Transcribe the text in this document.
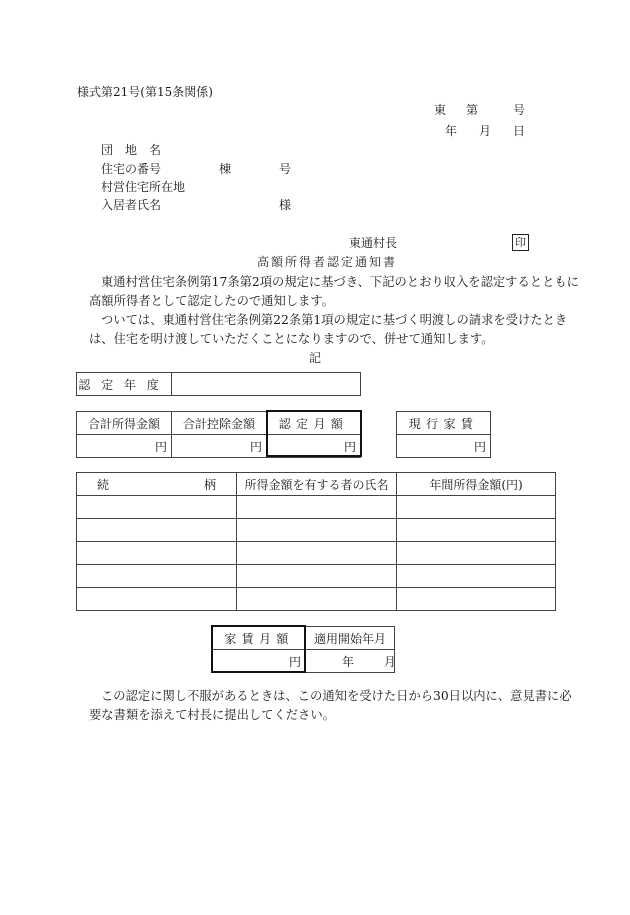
様式第21号(第15条関係)
東 第	号
年 月 日
団　地　名
住宅の番号	棟	号
村営住宅所在地
入居者氏名	様
東通村長	印
高額所得者認定通知書
東通村営住宅条例第17条第2項の規定に基づき、下記のとおり収入を認定するとともに
高額所得者として認定したので通知します。
ついては、東通村営住宅条例第22条第1項の規定に基づく明渡しの請求を受けたとき
は、住宅を明け渡していただくことになりますので、併せて通知します。
記
認定年度	
合計所得金額	合計控除金額	認定月額
円	円	円
現行家賃
円
続 柄	所得金額を有する者の氏名	年間所得金額(円)

家賃月額	適用開始年月
円	年 月
この認定に関し不服があるときは、この通知を受けた日から30日以内に、意見書に必
要な書類を添えて村長に提出してください。
